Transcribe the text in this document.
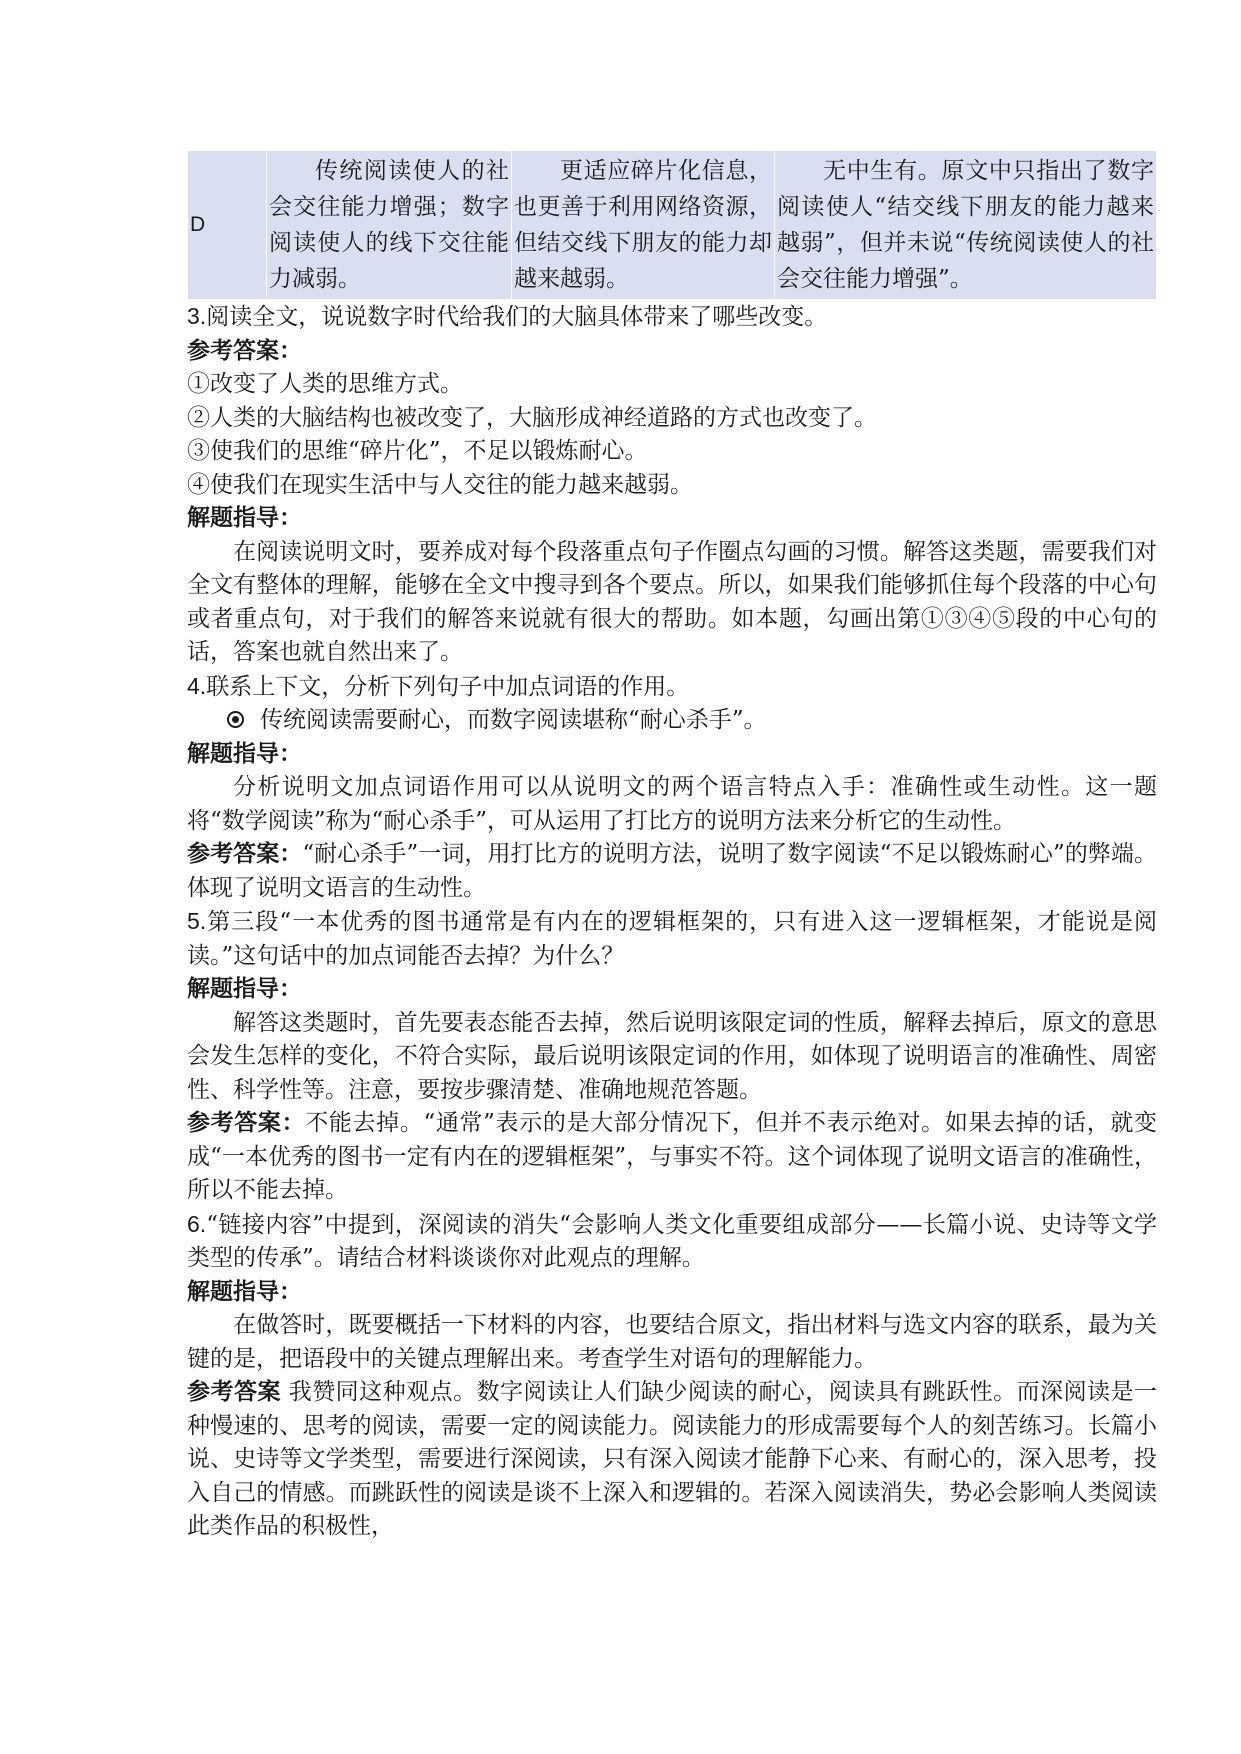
D	传统阅读使人的社会交往能力增强；数字阅读使人的线下交往能力减弱。	更适应碎片化信息，也更善于利用网络资源，但结交线下朋友的能力却越来越弱。	无中生有。原文中只指出了数字阅读使人“结交线下朋友的能力越来越弱”，但并未说“传统阅读使人的社会交往能力增强”。

3.阅读全文，说说数字时代给我们的大脑具体带来了哪些改变。

参考答案：

①改变了人类的思维方式。

②人类的大脑结构也被改变了，大脑形成神经道路的方式也改变了。

③使我们的思维“碎片化”，不足以锻炼耐心。

④使我们在现实生活中与人交往的能力越来越弱。

解题指导：

在阅读说明文时，要养成对每个段落重点句子作圈点勾画的习惯。解答这类题，需要我们对全文有整体的理解，能够在全文中搜寻到各个要点。所以，如果我们能够抓住每个段落的中心句或者重点句，对于我们的解答来说就有很大的帮助。如本题，勾画出第①③④⑤段的中心句的话，答案也就自然出来了。

4.联系上下文，分析下列句子中加点词语的作用。

传统阅读需要耐心，而数字阅读堪称“耐心杀手”。

解题指导：

分析说明文加点词语作用可以从说明文的两个语言特点入手：准确性或生动性。这一题将“数学阅读”称为“耐心杀手”，可从运用了打比方的说明方法来分析它的生动性。

参考答案：“耐心杀手”一词，用打比方的说明方法，说明了数字阅读“不足以锻炼耐心”的弊端。体现了说明文语言的生动性。

5.第三段“一本优秀的图书通常是有内在的逻辑框架的，只有进入这一逻辑框架，才能说是阅读。”这句话中的加点词能否去掉？为什么？

解题指导：

解答这类题时，首先要表态能否去掉，然后说明该限定词的性质，解释去掉后，原文的意思会发生怎样的变化，不符合实际，最后说明该限定词的作用，如体现了说明语言的准确性、周密性、科学性等。注意，要按步骤清楚、准确地规范答题。

参考答案：不能去掉。“通常”表示的是大部分情况下，但并不表示绝对。如果去掉的话，就变成“一本优秀的图书一定有内在的逻辑框架”，与事实不符。这个词体现了说明文语言的准确性，所以不能去掉。

6.“链接内容”中提到，深阅读的消失“会影响人类文化重要组成部分——长篇小说、史诗等文学类型的传承”。请结合材料谈谈你对此观点的理解。

解题指导：

在做答时，既要概括一下材料的内容，也要结合原文，指出材料与选文内容的联系，最为关键的是，把语段中的关键点理解出来。考查学生对语句的理解能力。

参考答案 我赞同这种观点。数字阅读让人们缺少阅读的耐心，阅读具有跳跃性。而深阅读是一种慢速的、思考的阅读，需要一定的阅读能力。阅读能力的形成需要每个人的刻苦练习。长篇小说、史诗等文学类型，需要进行深阅读，只有深入阅读才能静下心来、有耐心的，深入思考，投入自己的情感。而跳跃性的阅读是谈不上深入和逻辑的。若深入阅读消失，势必会影响人类阅读此类作品的积极性，
